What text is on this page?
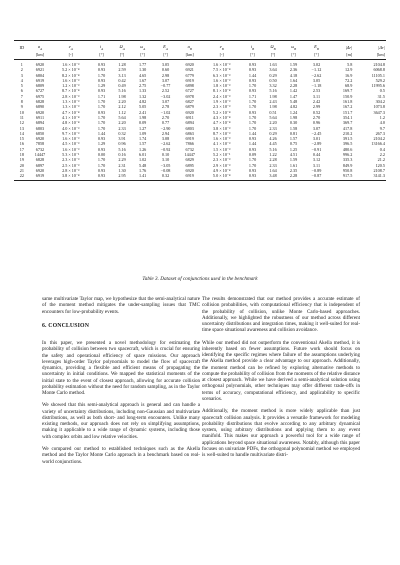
ID	$a_A$	$e_A$	$i_A$	$\Omega_A$	$\omega_A$	$E_A$	$a_B$	$e_B$	$i_B$	$\Omega_B$	$\omega_B$	$E_B$	|Δr|	|Δr|
	[km]	[-]	[°]	[°]	[°]	[°]	[km]	[-]	[°]	[°]	[°]	[°]	[m]	[km]
1	6920	1.6 × 10⁻³	0.93	1.28	1.77	3.05	6920	1.6 × 10⁻³	0.93	1.63	1.59	3.02	5.8	2104.8
2	6921	5.2 × 10⁻⁴	0.93	2.59	1.30	0.60	6921	7.5 × 10⁻⁴	0.93	3.64	2.36	−1.12	12.9	6068.8
3	6804	8.2 × 10⁻⁴	1.70	3.13	4.65	2.98	6779	6.3 × 10⁻³	1.44	0.29	4.18	−2.62	16.9	11105.1
4	6919	1.6 × 10⁻³	0.93	0.42	1.67	3.07	6919	1.6 × 10⁻³	0.93	0.50	1.64	3.05	72.2	529.2
5	6809	1.2 × 10⁻³	1.29	0.49	2.75	−0.77	6898	1.8 × 10⁻³	1.70	3.32	2.28	−1.18	68.9	11995.6
6	6727	8.7 × 10⁻⁴	0.93	5.16	1.33	2.52	6727	8.1 × 10⁻⁴	0.93	5.16	1.42	2.53	169.7	0.5
7	6975	2.8 × 10⁻³	1.71	1.98	1.32	−3.02	6978	2.4 × 10⁻³	1.71	1.98	1.47	3.11	150.9	31.5
8	6828	1.3 × 10⁻³	1.70	2.20	4.82	3.07	6827	1.9 × 10⁻³	1.70	2.43	5.48	2.42	161.8	304.2
9	6890	1.3 × 10⁻³	1.70	2.12	5.05	2.78	6879	2.3 × 10⁻³	1.70	1.98	4.82	2.99	167.2	1073.8
10	6920	4.7 × 10⁻⁴	0.93	1.12	2.41	−1.02	6920	5.2 × 10⁻⁴	0.93	0.51	1.24	0.52	151.7	3647.3
11	6911	4.1 × 10⁻⁴	1.70	5.64	1.98	2.70	6911	4.3 × 10⁻⁴	1.70	5.64	1.98	2.70	354.1	1.2
12	6894	4.8 × 10⁻⁴	1.70	2.20	0.09	0.77	6894	4.7 × 10⁻⁴	1.70	2.20	0.30	0.96	369.7	4.0
13	6803	4.0 × 10⁻³	1.70	2.33	1.27	−2.90	6803	3.8 × 10⁻³	1.70	2.33	1.58	3.07	417.8	9.7
14	6850	9.7 × 10⁻³	1.44	0.32	1.09	2.94	6863	8.7 × 10⁻³	1.44	0.29	0.81	−2.45	210.2	267.3
15	6920	1.6 × 10⁻³	0.93	3.91	1.74	3.08	6919	1.6 × 10⁻³	0.93	4.26	1.57	3.01	391.5	2104.2
16	7858	4.5 × 10⁻³	1.29	0.96	1.57	−2.62	7866	4.1 × 10⁻³	1.44	4.45	0.75	−2.89	396.5	13166.4
17	6732	1.6 × 10⁻³	0.93	5.16	1.26	−0.92	6732	1.5 × 10⁻³	0.93	5.16	1.25	−0.91	480.6	0.4
18	14447	5.3 × 10⁻¹	0.00	0.16	6.01	0.10	14447	5.2 × 10⁻¹	0.09	1.22	4.51	0.44	996.2	2.2
19	6828	2.3 × 10⁻³	1.70	2.29	1.02	3.10	6829	2.3 × 10⁻³	1.70	2.28	1.59	3.12	335.3	21.2
20	6897	2.5 × 10⁻³	1.70	2.31	5.48	−3.05	6895	2.9 × 10⁻³	1.70	2.33	1.61	3.11	849.9	120.5
21	6920	2.8 × 10⁻³	0.93	1.30	1.76	−0.08	6920	4.9 × 10⁻⁴	0.93	1.64	2.35	−0.89	950.8	2108.7
22	6919	3.8 × 10⁻⁴	0.93	2.95	1.41	0.32	6919	5.0 × 10⁻⁴	0.93	3.48	2.28	−0.87	917.5	3141.3
Table 3. Dataset of conjunctions used in the benchmark

same multivariate Taylor map, we hypothesize that the semi-analytical nature of the moment method mitigates the under-sampling issues that TMC encounters for low-probability events.

6. CONCLUSION

In this paper, we presented a novel methodology for estimating the probability of collision between two spacecraft, which is crucial for ensuring the safety and operational efficiency of space missions. Our approach leverages high-order Taylor polynomials to model the flow of spacecraft dynamics, providing a flexible and efficient means of propagating the uncertainty in initial conditions. We mapped the statistical moments of the initial state to the event of closest approach, allowing for accurate collision probability estimation without the need for random sampling, as in the Taylor Monte Carlo method.

We showed that this semi-analytical approach is general and can handle a variety of uncertainty distributions, including non-Gaussian and multivariate distributions, as well as both short- and long-term encounters. Unlike many existing methods, our approach does not rely on simplifying assumptions, making it applicable to a wide range of dynamic systems, including those with complex orbits and low relative velocities.

We compared our method to established techniques such as the Akella method and the Taylor Monte Carlo approach in a benchmark based on real-world conjunctions.

The results demonstrated that our method provides a accurate estimate of collision probabilities, with computational efficiency that is independent of the probability of collision, unlike Monte Carlo-based approaches. Additionally, we highlighted the robustness of our method across different uncertainty distributions and integration times, making it well-suited for real-time space situational awareness and collision avoidance.

While our method did not outperform the conventional Akella method, it is inherently based on fewer assumptions. Future work should focus on identifying the specific regimes where failure of the assumptions underlying the Akella method provide a clear advantage to our approach. Additionally, the moment method can be refined by exploring alternative methods to compute the probability of collision from the moments of the relative distance at closest approach. While we have derived a semi-analytical solution using orthogonal polynomials, other techniques may offer different trade-offs in terms of accuracy, computational efficiency, and applicability to specific scenarios.

Additionally, the moment method is more widely applicable than just spacecraft collision analysis. It provides a versatile framework for modeling probability distributions that evolve according to any arbitrary dynamical system, using arbitrary distributions and applying them to any event manifold. This makes our approach a powerful tool for a wide range of applications beyond space situational awareness. Notably, although this paper focuses on univariate PDFs, the orthogonal polynomial method we employed is well-suited to handle multivariate distri-
